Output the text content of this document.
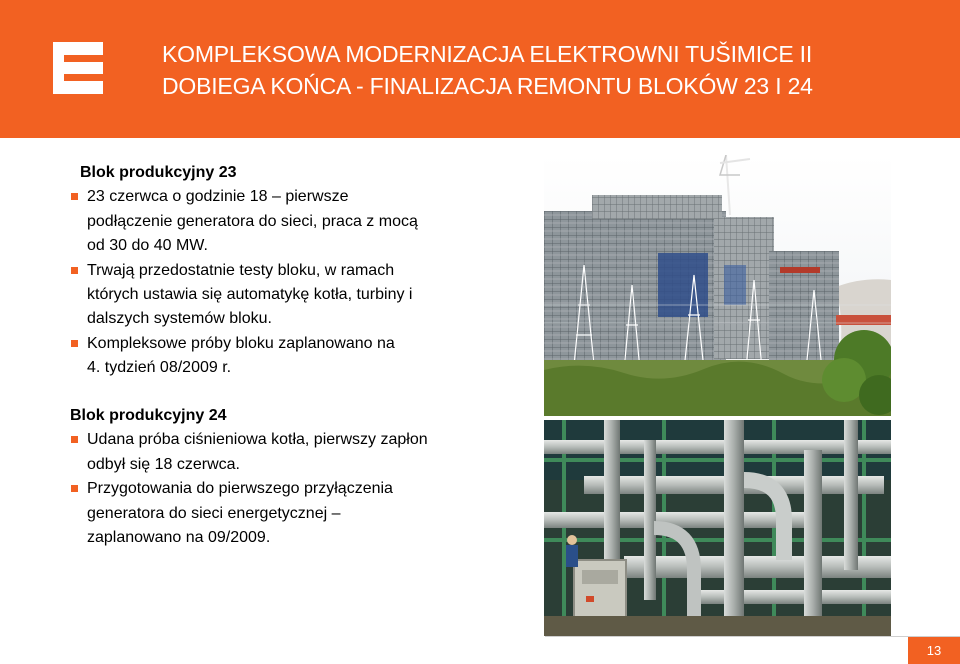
KOMPLEKSOWA MODERNIZACJA ELEKTROWNI TUŠIMICE II
DOBIEGA KOŃCA - FINALIZACJA REMONTU BLOKÓW 23 I 24
Blok produkcyjny 23
23 czerwca o godzinie 18 – pierwsze
podłączenie generatora do sieci, praca z mocą
od 30 do 40 MW.
Trwają przedostatnie testy bloku, w ramach
których ustawia się automatykę kotła, turbiny i
dalszych systemów bloku.
Kompleksowe próby bloku zaplanowano na
4. tydzień 08/2009 r.
Blok produkcyjny 24
Udana próba ciśnieniowa kotła, pierwszy zapłon
odbył się 18 czerwca.
Przygotowania do pierwszego przyłączenia
generatora do sieci energetycznej –
zaplanowano na 09/2009.
13
